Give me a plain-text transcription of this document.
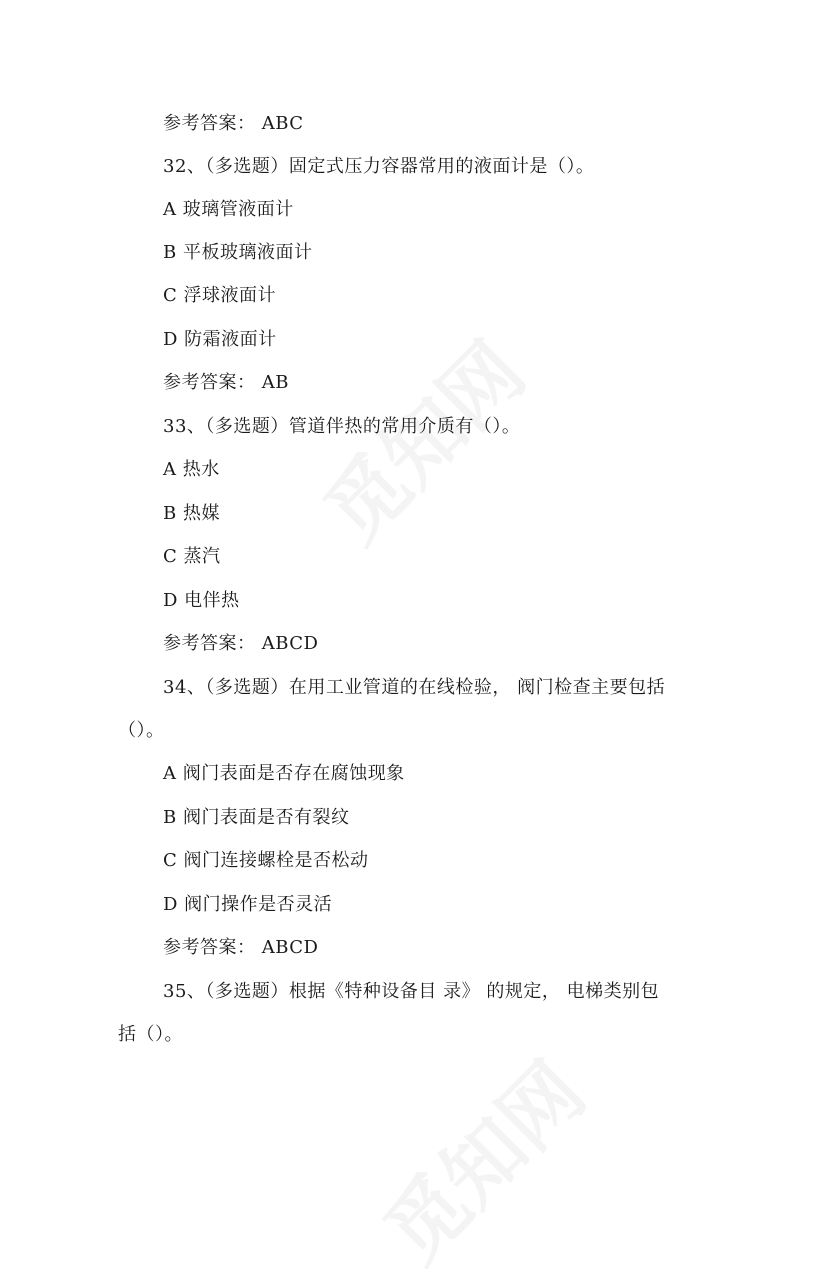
参考答案： ABC
32、（多选题）固定式压力容器常用的液面计是（）。
A 玻璃管液面计
B 平板玻璃液面计
C 浮球液面计
D 防霜液面计
参考答案： AB
33、（多选题）管道伴热的常用介质有（）。
A 热水
B 热媒
C 蒸汽
D 电伴热
参考答案： ABCD
34、（多选题）在用工业管道的在线检验， 阀门检查主要包括
（）。
A 阀门表面是否存在腐蚀现象
B 阀门表面是否有裂纹
C 阀门连接螺栓是否松动
D 阀门操作是否灵活
参考答案： ABCD
35、（多选题）根据《特种设备目 录》 的规定， 电梯类别包
括（）。
